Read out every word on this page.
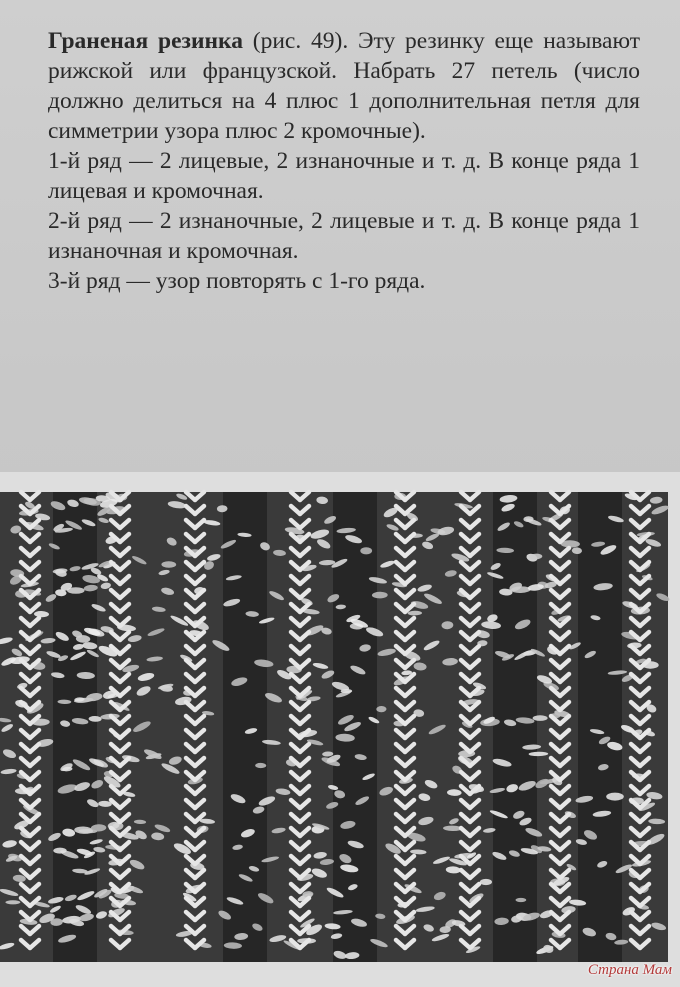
Граненая резинка (рис. 49). Эту резинку еще называют рижской или французской. Набрать 27 петель (число должно делиться на 4 плюс 1 дополнительная петля для симметрии узора плюс 2 кромочные).

1-й ряд — 2 лицевые, 2 изнаночные и т. д. В конце ряда 1 лицевая и кромочная.

2-й ряд — 2 изнаночные, 2 лицевые и т. д. В конце ряда 1 изнаночная и кромочная.

3-й ряд — узор повторять с 1-го ряда.

Страна Мам
